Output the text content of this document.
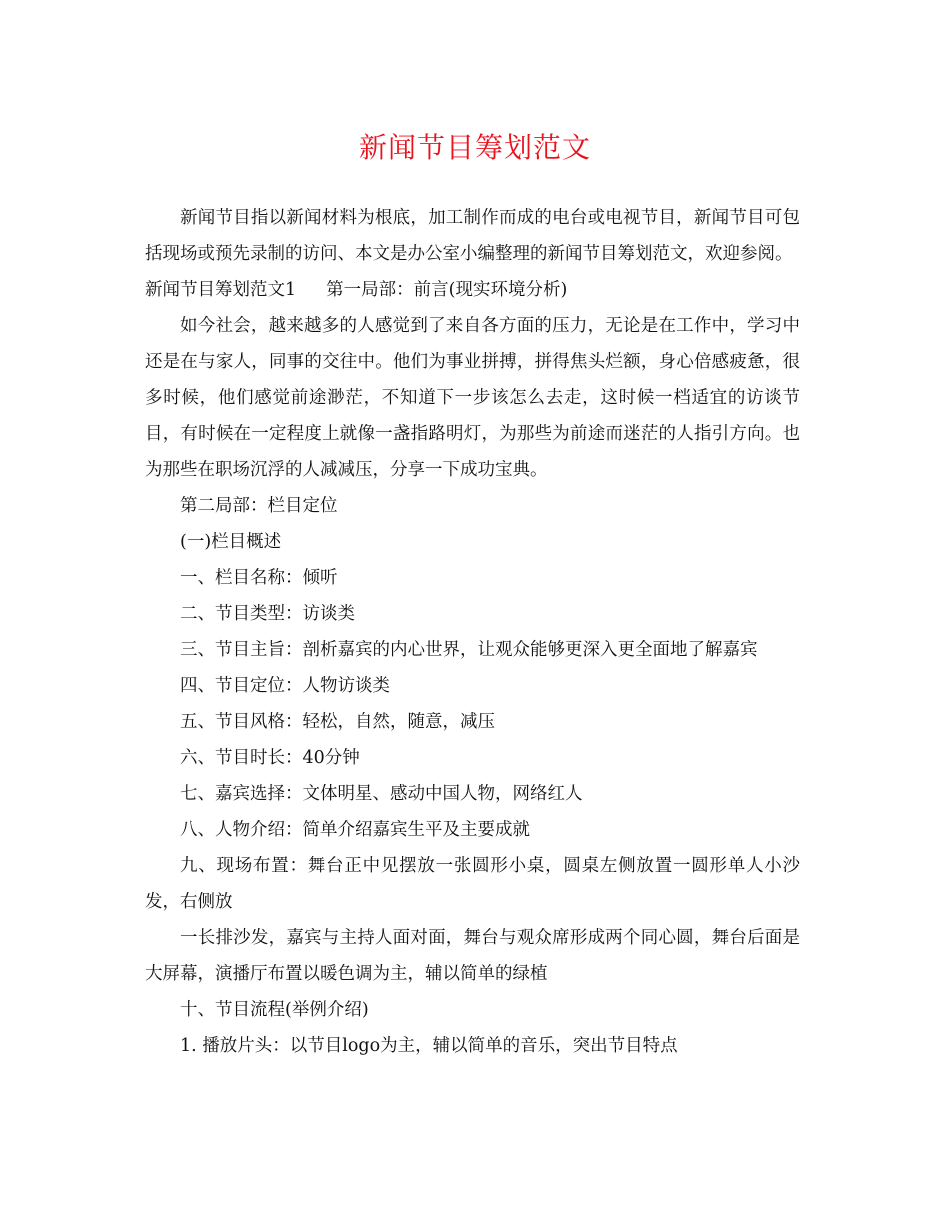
新闻节目筹划范文

新闻节目指以新闻材料为根底，加工制作而成的电台或电视节目，新闻节目可包括现场或预先录制的访问、本文是办公室小编整理的新闻节目筹划范文，欢迎参阅。

新闻节目筹划范文1 第一局部：前言(现实环境分析)

如今社会，越来越多的人感觉到了来自各方面的压力，无论是在工作中，学习中还是在与家人，同事的交往中。他们为事业拼搏，拼得焦头烂额，身心倍感疲惫，很多时候，他们感觉前途渺茫，不知道下一步该怎么去走，这时候一档适宜的访谈节目，有时候在一定程度上就像一盏指路明灯，为那些为前途而迷茫的人指引方向。也为那些在职场沉浮的人减减压，分享一下成功宝典。

第二局部：栏目定位

(一)栏目概述

一、栏目名称：倾听

二、节目类型：访谈类

三、节目主旨：剖析嘉宾的内心世界，让观众能够更深入更全面地了解嘉宾

四、节目定位：人物访谈类

五、节目风格：轻松，自然，随意，减压

六、节目时长：40分钟

七、嘉宾选择：文体明星、感动中国人物，网络红人

八、人物介绍：简单介绍嘉宾生平及主要成就

九、现场布置：舞台正中见摆放一张圆形小桌，圆桌左侧放置一圆形单人小沙发，右侧放

一长排沙发，嘉宾与主持人面对面，舞台与观众席形成两个同心圆，舞台后面是大屏幕，演播厅布置以暖色调为主，辅以简单的绿植

十、节目流程(举例介绍)

1. 播放片头：以节目logo为主，辅以简单的音乐，突出节目特点
